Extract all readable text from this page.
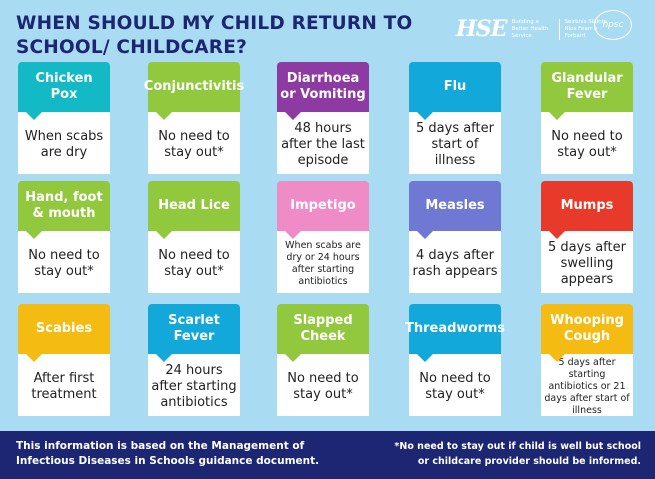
WHEN SHOULD MY CHILD RETURN TO SCHOOL/ CHILDCARE?
HSE Building a Better Health Service
Seirbhís Sláinte Níos Fearr á Forbairt
hpsc
Chicken Pox
When scabs are dry
Conjunctivitis
No need to stay out*
Diarrhoea or Vomiting
48 hours after the last episode
Flu
5 days after start of illness
Glandular Fever
No need to stay out*
Hand, foot & mouth
No need to stay out*
Head Lice
No need to stay out*
Impetigo
When scabs are dry or 24 hours after starting antibiotics
Measles
4 days after rash appears
Mumps
5 days after swelling appears
Scabies
After first treatment
Scarlet Fever
24 hours after starting antibiotics
Slapped Cheek
No need to stay out*
Threadworms
No need to stay out*
Whooping Cough
5 days after starting antibiotics or 21 days after start of illness
This information is based on the Management of Infectious Diseases in Schools guidance document.
*No need to stay out if child is well but school or childcare provider should be informed.
